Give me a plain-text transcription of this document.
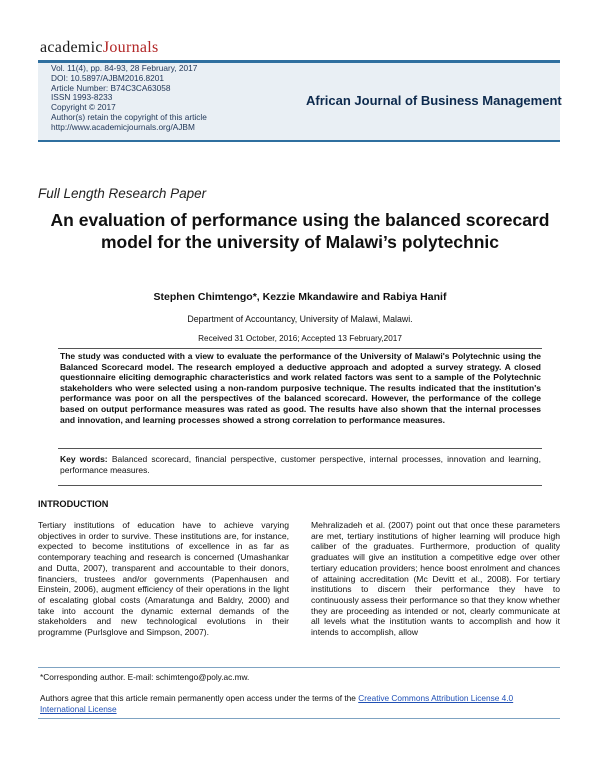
academicJournals
Vol. 11(4), pp. 84-93, 28 February, 2017
DOI: 10.5897/AJBM2016.8201
Article Number: B74C3CA63058
ISSN 1993-8233
Copyright © 2017
Author(s) retain the copyright of this article
http://www.academicjournals.org/AJBM
African Journal of Business Management
Full Length Research Paper
An evaluation of performance using the balanced scorecard model for the university of Malawi’s polytechnic
Stephen Chimtengo*, Kezzie Mkandawire and Rabiya Hanif
Department of Accountancy, University of Malawi, Malawi.
Received 31 October, 2016; Accepted 13 February,2017
The study was conducted with a view to evaluate the performance of the University of Malawi's Polytechnic using the Balanced Scorecard model. The research employed a deductive approach and adopted a survey strategy. A closed questionnaire eliciting demographic characteristics and work related factors was sent to a sample of the Polytechnic stakeholders who were selected using a non-random purposive technique. The results indicated that the institution's performance was poor on all the perspectives of the balanced scorecard. However, the performance of the college based on output performance measures was rated as good. The results have also shown that the internal processes and innovation, and learning processes showed a strong correlation to performance measures.
Key words: Balanced scorecard, financial perspective, customer perspective, internal processes, innovation and learning, performance measures.
INTRODUCTION
Tertiary institutions of education have to achieve varying objectives in order to survive. These institutions are, for instance, expected to become institutions of excellence in as far as contemporary teaching and research is concerned (Umashankar and Dutta, 2007), transparent and accountable to their donors, financiers, trustees and/or governments (Papenhausen and Einstein, 2006), augment efficiency of their operations in the light of escalating global costs (Amaratunga and Baldry, 2000) and take into account the dynamic external demands of the stakeholders and new technological evolutions in their programme (Purlsglove and Simpson, 2007).
Mehralizadeh et al. (2007) point out that once these parameters are met, tertiary institutions of higher learning will produce high caliber of the graduates. Furthermore, production of quality graduates will give an institution a competitive edge over other tertiary education providers; hence boost enrolment and chances of attaining accreditation (Mc Devitt et al., 2008). For tertiary institutions to discern their performance they have to continuously assess their performance so that they know whether they are proceeding as intended or not, clearly communicate at all levels what the institution wants to accomplish and how it intends to accomplish, allow
*Corresponding author. E-mail: schimtengo@poly.ac.mw.
Authors agree that this article remain permanently open access under the terms of the Creative Commons Attribution License 4.0 International License
